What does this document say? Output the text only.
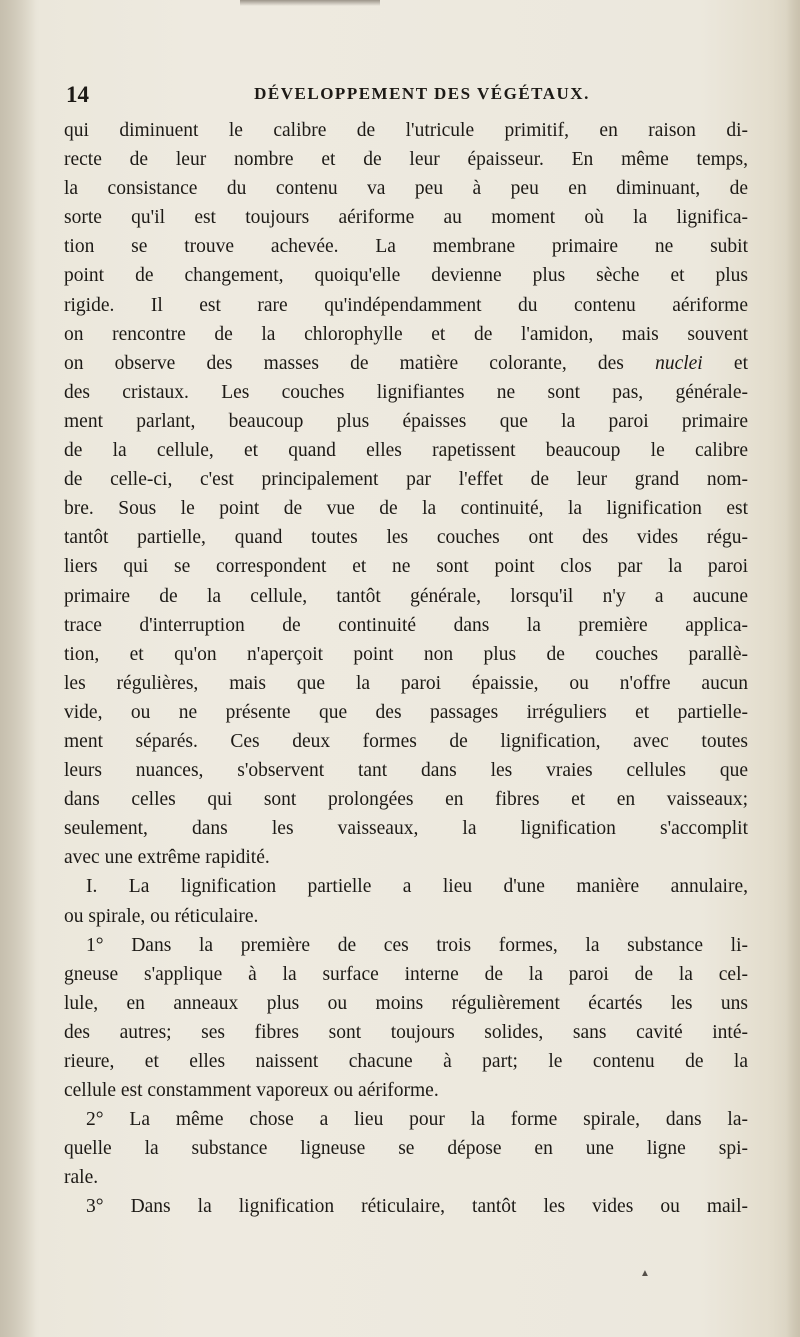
14	DÉVELOPPEMENT DES VÉGÉTAUX.

qui diminuent le calibre de l'utricule primitif, en raison di-
recte de leur nombre et de leur épaisseur. En même temps,
la consistance du contenu va peu à peu en diminuant, de
sorte qu'il est toujours aériforme au moment où la lignifica-
tion se trouve achevée. La membrane primaire ne subit
point de changement, quoiqu'elle devienne plus sèche et plus
rigide. Il est rare qu'indépendamment du contenu aériforme
on rencontre de la chlorophylle et de l'amidon, mais souvent
on observe des masses de matière colorante, des nuclei et
des cristaux. Les couches lignifiantes ne sont pas, générale-
ment parlant, beaucoup plus épaisses que la paroi primaire
de la cellule, et quand elles rapetissent beaucoup le calibre
de celle-ci, c'est principalement par l'effet de leur grand nom-
bre. Sous le point de vue de la continuité, la lignification est
tantôt partielle, quand toutes les couches ont des vides régu-
liers qui se correspondent et ne sont point clos par la paroi
primaire de la cellule, tantôt générale, lorsqu'il n'y a aucune
trace d'interruption de continuité dans la première applica-
tion, et qu'on n'aperçoit point non plus de couches parallè-
les régulières, mais que la paroi épaissie, ou n'offre aucun
vide, ou ne présente que des passages irréguliers et partielle-
ment séparés. Ces deux formes de lignification, avec toutes
leurs nuances, s'observent tant dans les vraies cellules que
dans celles qui sont prolongées en fibres et en vaisseaux;
seulement, dans les vaisseaux, la lignification s'accomplit
avec une extrême rapidité.

I. La lignification partielle a lieu d'une manière annulaire,
ou spirale, ou réticulaire.

1° Dans la première de ces trois formes, la substance li-
gneuse s'applique à la surface interne de la paroi de la cel-
lule, en anneaux plus ou moins régulièrement écartés les uns
des autres; ses fibres sont toujours solides, sans cavité inté-
rieure, et elles naissent chacune à part; le contenu de la
cellule est constamment vaporeux ou aériforme.

2° La même chose a lieu pour la forme spirale, dans la-
quelle la substance ligneuse se dépose en une ligne spi-
rale.

3° Dans la lignification réticulaire, tantôt les vides ou mail-

▲
